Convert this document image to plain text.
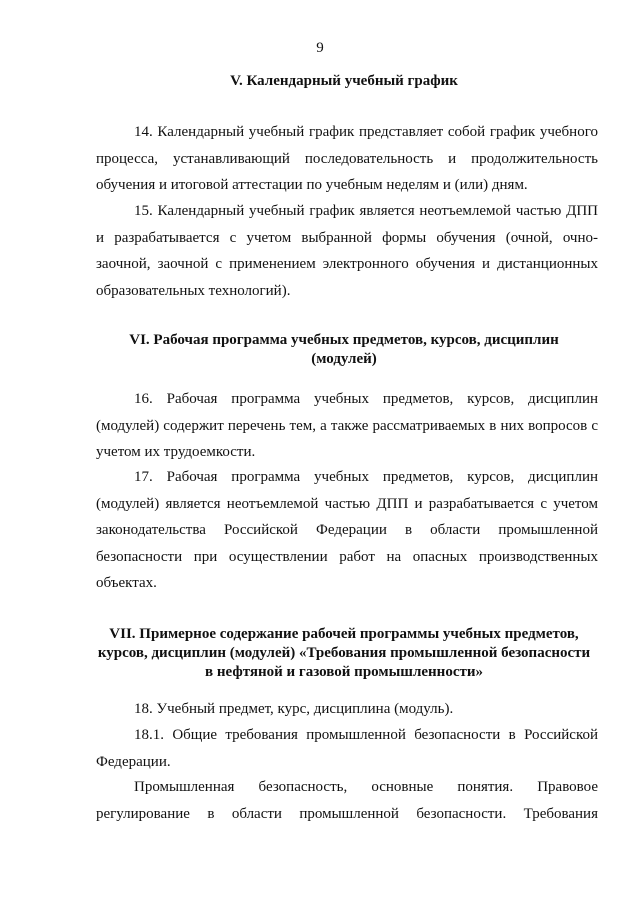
9
V. Календарный учебный график
14. Календарный учебный график представляет собой график учебного процесса, устанавливающий последовательность и продолжительность обучения и итоговой аттестации по учебным неделям и (или) дням.
15. Календарный учебный график является неотъемлемой частью ДПП и разрабатывается с учетом выбранной формы обучения (очной, очно-заочной, заочной с применением электронного обучения и дистанционных образовательных технологий).
VI. Рабочая программа учебных предметов, курсов, дисциплин
(модулей)
16. Рабочая программа учебных предметов, курсов, дисциплин (модулей) содержит перечень тем, а также рассматриваемых в них вопросов с учетом их трудоемкости.
17. Рабочая программа учебных предметов, курсов, дисциплин (модулей) является неотъемлемой частью ДПП и разрабатывается с учетом законодательства Российской Федерации в области промышленной безопасности при осуществлении работ на опасных производственных объектах.
VII. Примерное содержание рабочей программы учебных предметов,
курсов, дисциплин (модулей) «Требования промышленной безопасности
в нефтяной и газовой промышленности»
18. Учебный предмет, курс, дисциплина (модуль).
18.1. Общие требования промышленной безопасности в Российской Федерации.
Промышленная безопасность, основные понятия. Правовое регулирование в области промышленной безопасности. Требования
